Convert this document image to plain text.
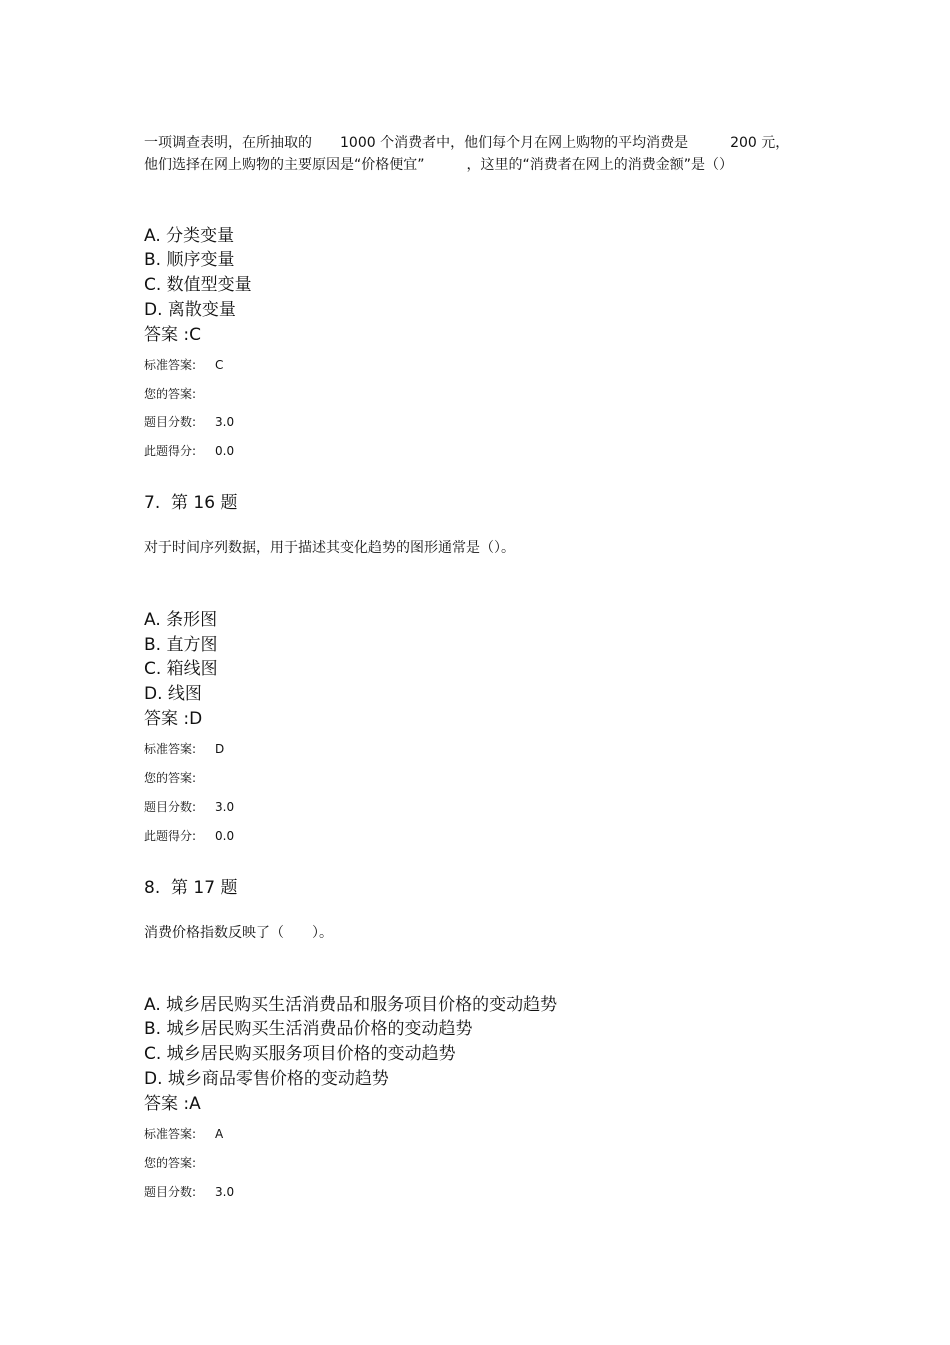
一项调查表明，在所抽取的　　1000 个消费者中，他们每个月在网上购物的平均消费是　　　200 元，
他们选择在网上购物的主要原因是“价格便宜”　　　，这里的“消费者在网上的消费金额”是（）
A. 分类变量
B. 顺序变量
C. 数值型变量
D. 离散变量
答案 :C
标准答案: C
您的答案:
题目分数: 3.0
此题得分: 0.0
7.  第 16 题
对于时间序列数据，用于描述其变化趋势的图形通常是（）。
A. 条形图
B. 直方图
C. 箱线图
D. 线图
答案 :D
标准答案: D
您的答案:
题目分数: 3.0
此题得分: 0.0
8.  第 17 题
消费价格指数反映了（　　）。
A. 城乡居民购买生活消费品和服务项目价格的变动趋势
B. 城乡居民购买生活消费品价格的变动趋势
C. 城乡居民购买服务项目价格的变动趋势
D. 城乡商品零售价格的变动趋势
答案 :A
标准答案: A
您的答案:
题目分数: 3.0
